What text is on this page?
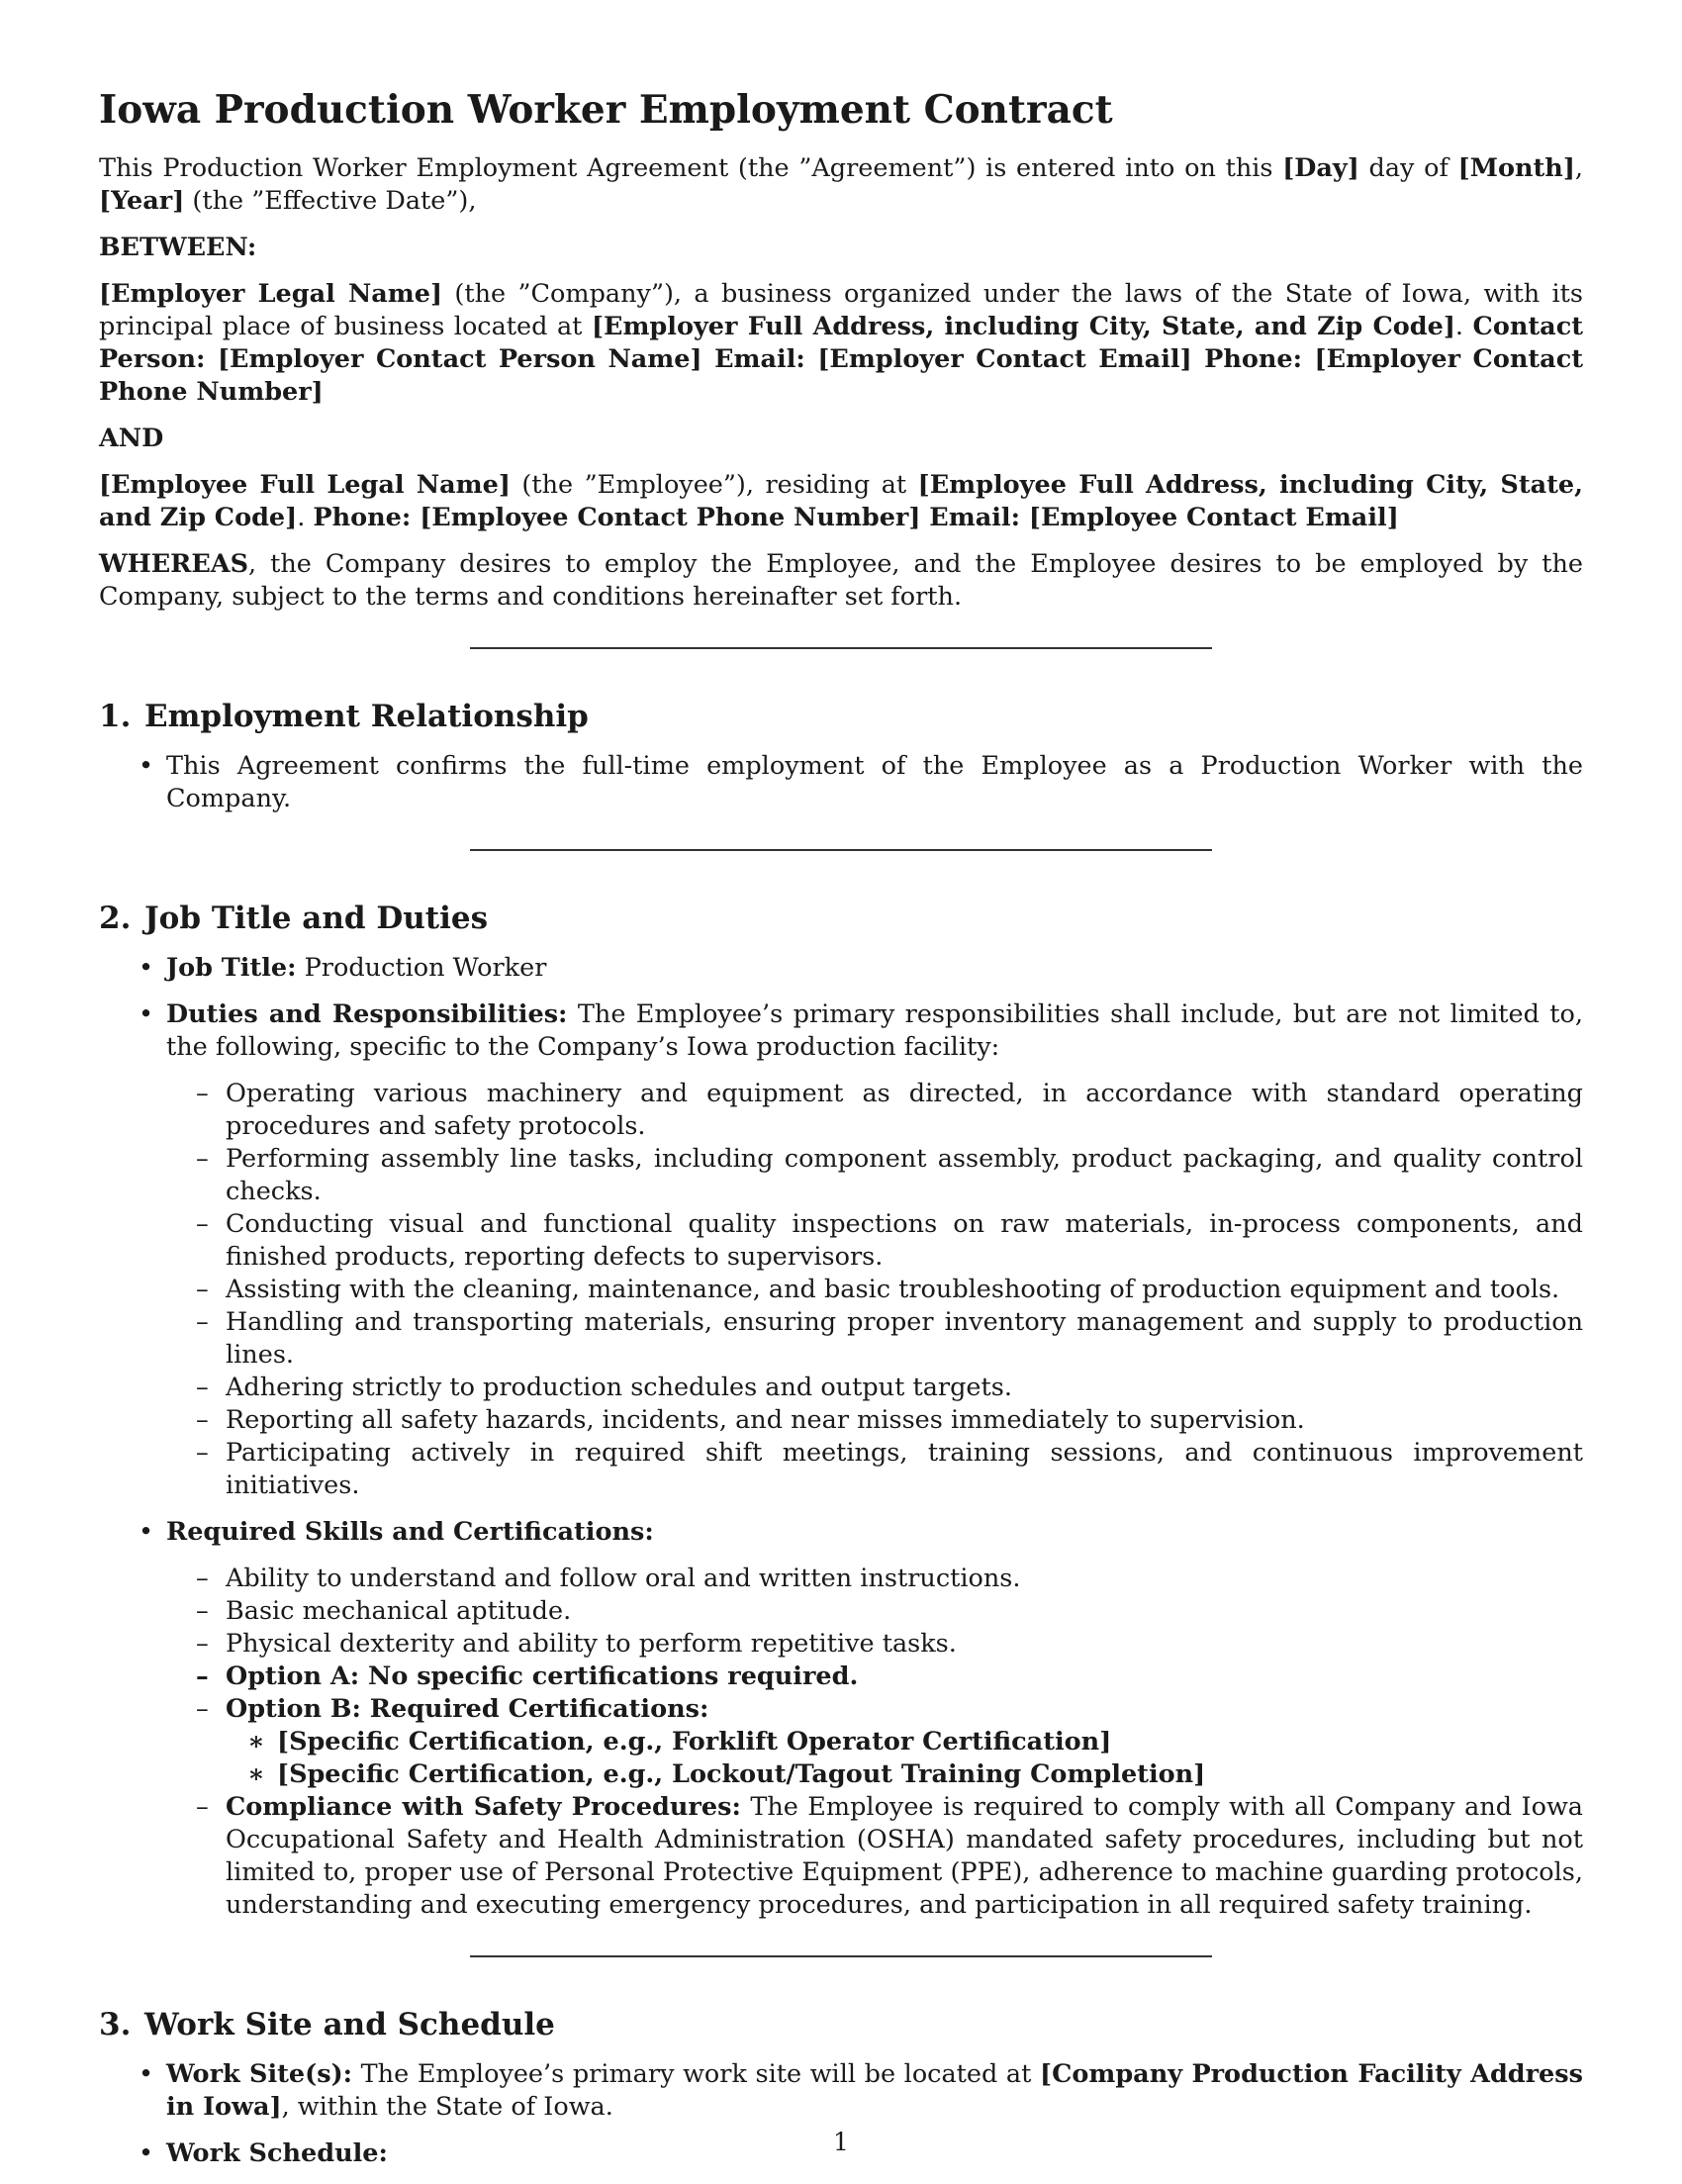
Iowa Production Worker Employment Contract

This Production Worker Employment Agreement (the ”Agreement”) is entered into on this [Day] day of [Month], [Year] (the ”Effective Date”),

BETWEEN:

[Employer Legal Name] (the ”Company”), a business organized under the laws of the State of Iowa, with its principal place of business located at [Employer Full Address, including City, State, and Zip Code]. Contact Person: [Employer Contact Person Name] Email: [Employer Contact Email] Phone: [Employer Contact Phone Number]

AND

[Employee Full Legal Name] (the ”Employee”), residing at [Employee Full Address, including City, State, and Zip Code]. Phone: [Employee Contact Phone Number] Email: [Employee Contact Email]

WHEREAS, the Company desires to employ the Employee, and the Employee desires to be employed by the Company, subject to the terms and conditions hereinafter set forth.

1. Employment Relationship
• This Agreement confirms the full-time employment of the Employee as a Production Worker with the Company.
2. Job Title and Duties
• Job Title: Production Worker
• Duties and Responsibilities: The Employee’s primary responsibilities shall include, but are not limited to, the following, specific to the Company’s Iowa production facility:
– Operating various machinery and equipment as directed, in accordance with standard operating procedures and safety protocols.
– Performing assembly line tasks, including component assembly, product packaging, and quality control checks.
– Conducting visual and functional quality inspections on raw materials, in-process components, and finished products, reporting defects to supervisors.
– Assisting with the cleaning, maintenance, and basic troubleshooting of production equipment and tools.
– Handling and transporting materials, ensuring proper inventory management and supply to production lines.
– Adhering strictly to production schedules and output targets.
– Reporting all safety hazards, incidents, and near misses immediately to supervision.
– Participating actively in required shift meetings, training sessions, and continuous improvement initiatives.
• Required Skills and Certifications:
– Ability to understand and follow oral and written instructions.
– Basic mechanical aptitude.
– Physical dexterity and ability to perform repetitive tasks.
– Option A: No specific certifications required.
– Option B: Required Certifications:
∗ [Specific Certification, e.g., Forklift Operator Certification]
∗ [Specific Certification, e.g., Lockout/Tagout Training Completion]
– Compliance with Safety Procedures: The Employee is required to comply with all Company and Iowa Occupational Safety and Health Administration (OSHA) mandated safety procedures, including but not limited to, proper use of Personal Protective Equipment (PPE), adherence to machine guarding protocols, understanding and executing emergency procedures, and participation in all required safety training.
3. Work Site and Schedule
• Work Site(s): The Employee’s primary work site will be located at [Company Production Facility Address in Iowa], within the State of Iowa.
• Work Schedule:	1
